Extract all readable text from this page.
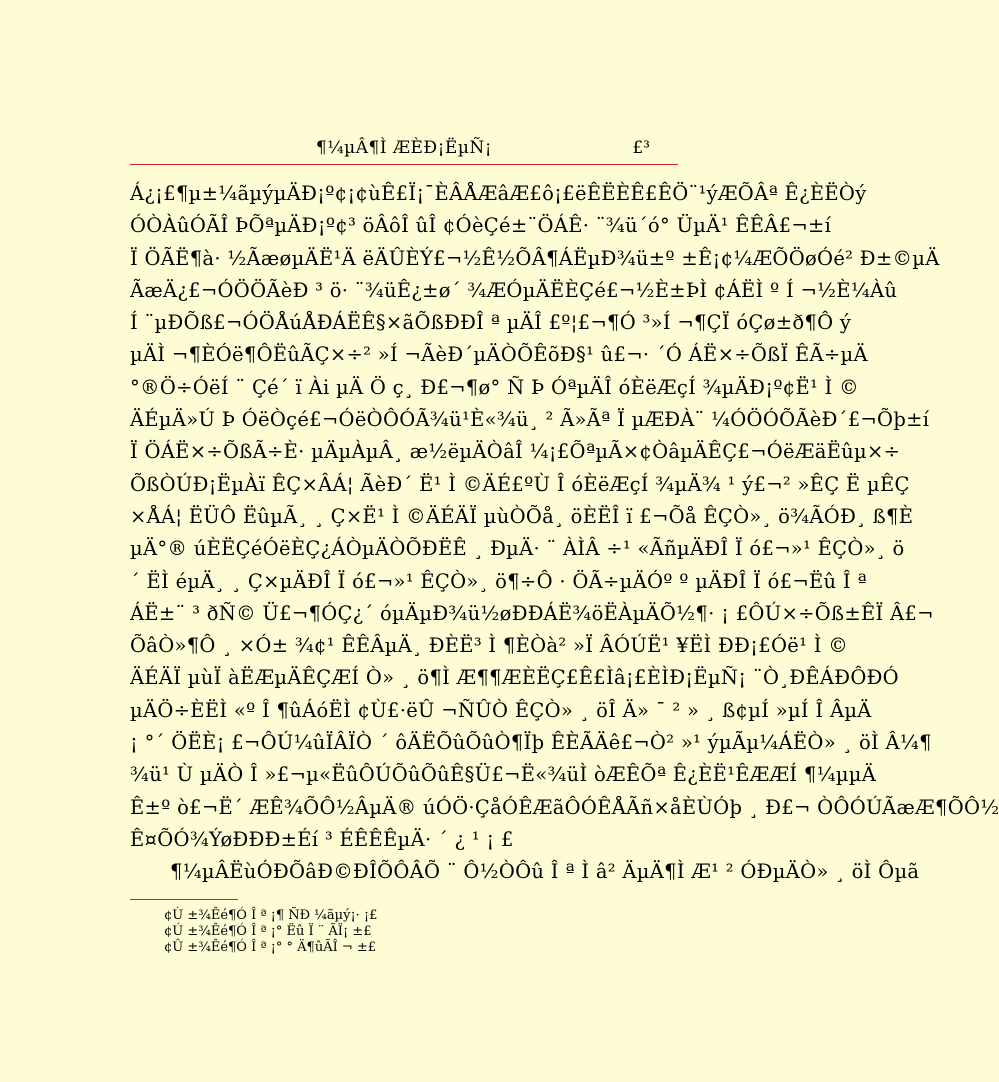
¶¼µÂ¶Ì ÆÈÐ¡ËµÑ¡	£³
Á¿¡£¶µ±¼ãµýµÄÐ¡º¢¡¢ùÊ£Ï¡¯ÈÂÅÆâÆ£ô¡£ëÊËÈÊ£ÊÖ¨¹ýÆÕÂª Ê¿ÈËÒý
ÓÒÀûÓÃÎ ÞÕªµÄÐ¡º¢³ öÂôÎ ûÎ ¢ÓèÇé±¨ÖÁÊ· ¨¾ü´ó° ÜµÄ¹ ÊÊÂ£¬±í
Ï ÖÃË¶à· ½ÃæøµÄË¹Ä ëÄÛÈÝ£¬½Ê½ÕÂ¶ÁËµÐ¾ü±º ±Ê¡¢¼ÆÕÖøÓé² Ð±©µÄ
ÃæÄ¿£¬ÓÖÖÃèÐ ³ ö· ¨¾üÊ¿±ø´ ¾ÆÓµÄËÈÇé£¬½È±ÞÌ ¢ÁËÌ º Í ¬½È¼Àû
Í ¨µÐÕß£¬ÓÖÅúÅÐÁËÊ§×ãÕßÐÐÎ ª µÄÎ £º¦£¬¶Ó ³»Í ¬¶ÇÏ óÇø±ð¶Ô ý
µÄÌ ¬¶ÈÓë¶ÔËûÃÇ×÷² »Í ¬ÃèÐ´µÄÒÕÊõÐ§¹ û£¬· ´Ó ÁË×÷ÕßÏ ÊÃ÷µÄ
°®Ö÷ÓëÍ ¨ Çé´ ï Ài µÄ Ö ç¸ Ð£¬¶ø° Ñ Þ ÓªµÄÎ óÈëÆçÍ ¾µÄÐ¡º¢Ë¹ Ì ©
ÄÉµÄ»Ú Þ ÓëÒçé£¬ÓëÒÔÓÃ¾ü¹È«¾ü¸ ² Ã»Ãª Ï µÆÐÀ¨ ¼ÓÖÓÕÃèÐ´£¬Õþ±í
Ï ÖÁË×÷ÕßÃ÷È· µÄµÀµÂ¸ æ½ëµÄÒâÎ ¼¡£ÕªµÃ×¢ÒâµÄÊÇ£¬ÓëÆäËûµ×÷
ÕßÒÚÐ¡ËµÀï ÊÇ×ÂÁ¦ ÃèÐ´ Ë¹ Ì ©ÄÉ£ºÙ Î óÈëÆçÍ ¾µÄ¾ ¹ ý£¬² »ÊÇ Ë µÊÇ
×ÅÁ¦ ËÜÔ ËûµÃ¸ ¸ Ç×Ë¹ Ì ©ÄÉÄÏ µùÒÕå¸ öÈËÎ ï £¬Õå ÊÇÒ»¸ ö¾ÃÓÐ¸ ß¶È
µÄ°® úÈËÇéÓëÈÇ¿ÁÒµÄÒÕÐËÊ ¸ ÐµÄ· ¨ ÀÌÂ ÷¹ «ÃñµÄÐÎ Ï ó£¬»¹ ÊÇÒ»¸ ö
´ ËÌ éµÄ¸ ¸ Ç×µÄÐÎ Ï ó£¬»¹ ÊÇÒ»¸ ö¶÷Ô · ÖÃ÷µÄÓº º µÄÐÎ Ï ó£¬Ëû Î ª
ÁË±¨ ³ ðÑ© Ü£¬¶ÓÇ¿´ óµÄµÐ¾ü½øÐÐÁË¾öËÀµÄÕ½¶· ¡ £ÔÚ×÷Õß±ÊÏ Â£¬
ÕâÒ»¶Ô ¸ ×Ó± ¾¢¹ ÊÊÂµÄ¸ ÐÈË³ Ì ¶ÈÒà² »Ï ÂÓÚË¹ ¥ËÌ ÐÐ¡£Óë¹ Ì ©
ÄÉÄÏ µùÏ àËÆµÄÊÇÆÍ Ò» ¸ ö¶Ì Æ¶¶ÆÈËÇ£Ê£Ìâ¡£ÈÌÐ¡ËµÑ¡ ¨Ò¸ÐÊÁÐÔÐÓ
µÄÖ÷ÈËÌ «º Î ¶ûÁóËÌ ¢Ù£·ëÛ ¬ÑÛÒ ÊÇÒ» ¸ öÎ Ä» ¯ ² » ¸ ß¢µÍ »µÍ Î ÂµÄ
¡ °´ ÖËÈ¡ £¬ÔÚ¼ûÏÂÏÒ ´ ôÄËÕûÕûÒ¶Ïþ ÊÈÃÄê£¬Ò² »¹ ýµÃµ¼ÁËÒ» ¸ öÌ Â¼¶
¾ü¹ Ù µÄÒ Î »£¬µ«ËûÔÚÕûÕûÊ§Ü£¬Ë«¾üÌ òÆÊÕª Ê¿ÈË¹ÊÆÆÍ ¶¼µµÄ
Ê±º ò£¬Ë´ ÆÊ¾ÕÔ½ÂµÄ® úÓÖ·ÇåÓÊÆãÔÓÊÅÃñ×åÈÙÓþ ¸ Ð£¬ ÒÔÓÚÃæÆ¶ÕÔ½
Ê¤ÕÓ¾ÝøÐÐÐ±Éí ³ ÉÊÊÊµÄ· ´ ¿ ¹ ¡ £
¶¼µÂËùÓÐÕâÐ©ÐÎÕÔÂÕ ¨ Ô½ÒÔû Î ª Ì â² ÄµÄ¶Ì Æ¹ ² ÓÐµÄÒ» ¸ öÌ Ôµã
¢Ù ±¾Êé¶Ó Î ª ¡¶ ÑÐ ¼ãµý¡· ¡£
¢Ú ±¾Êé¶Ó Î ª ¡° Ëû Ï ¨ ÃÏ¡ ±£
¢Û ±¾Êé¶Ó Î ª ¡° ° Ä¶ûÃÎ ¬ ±£
